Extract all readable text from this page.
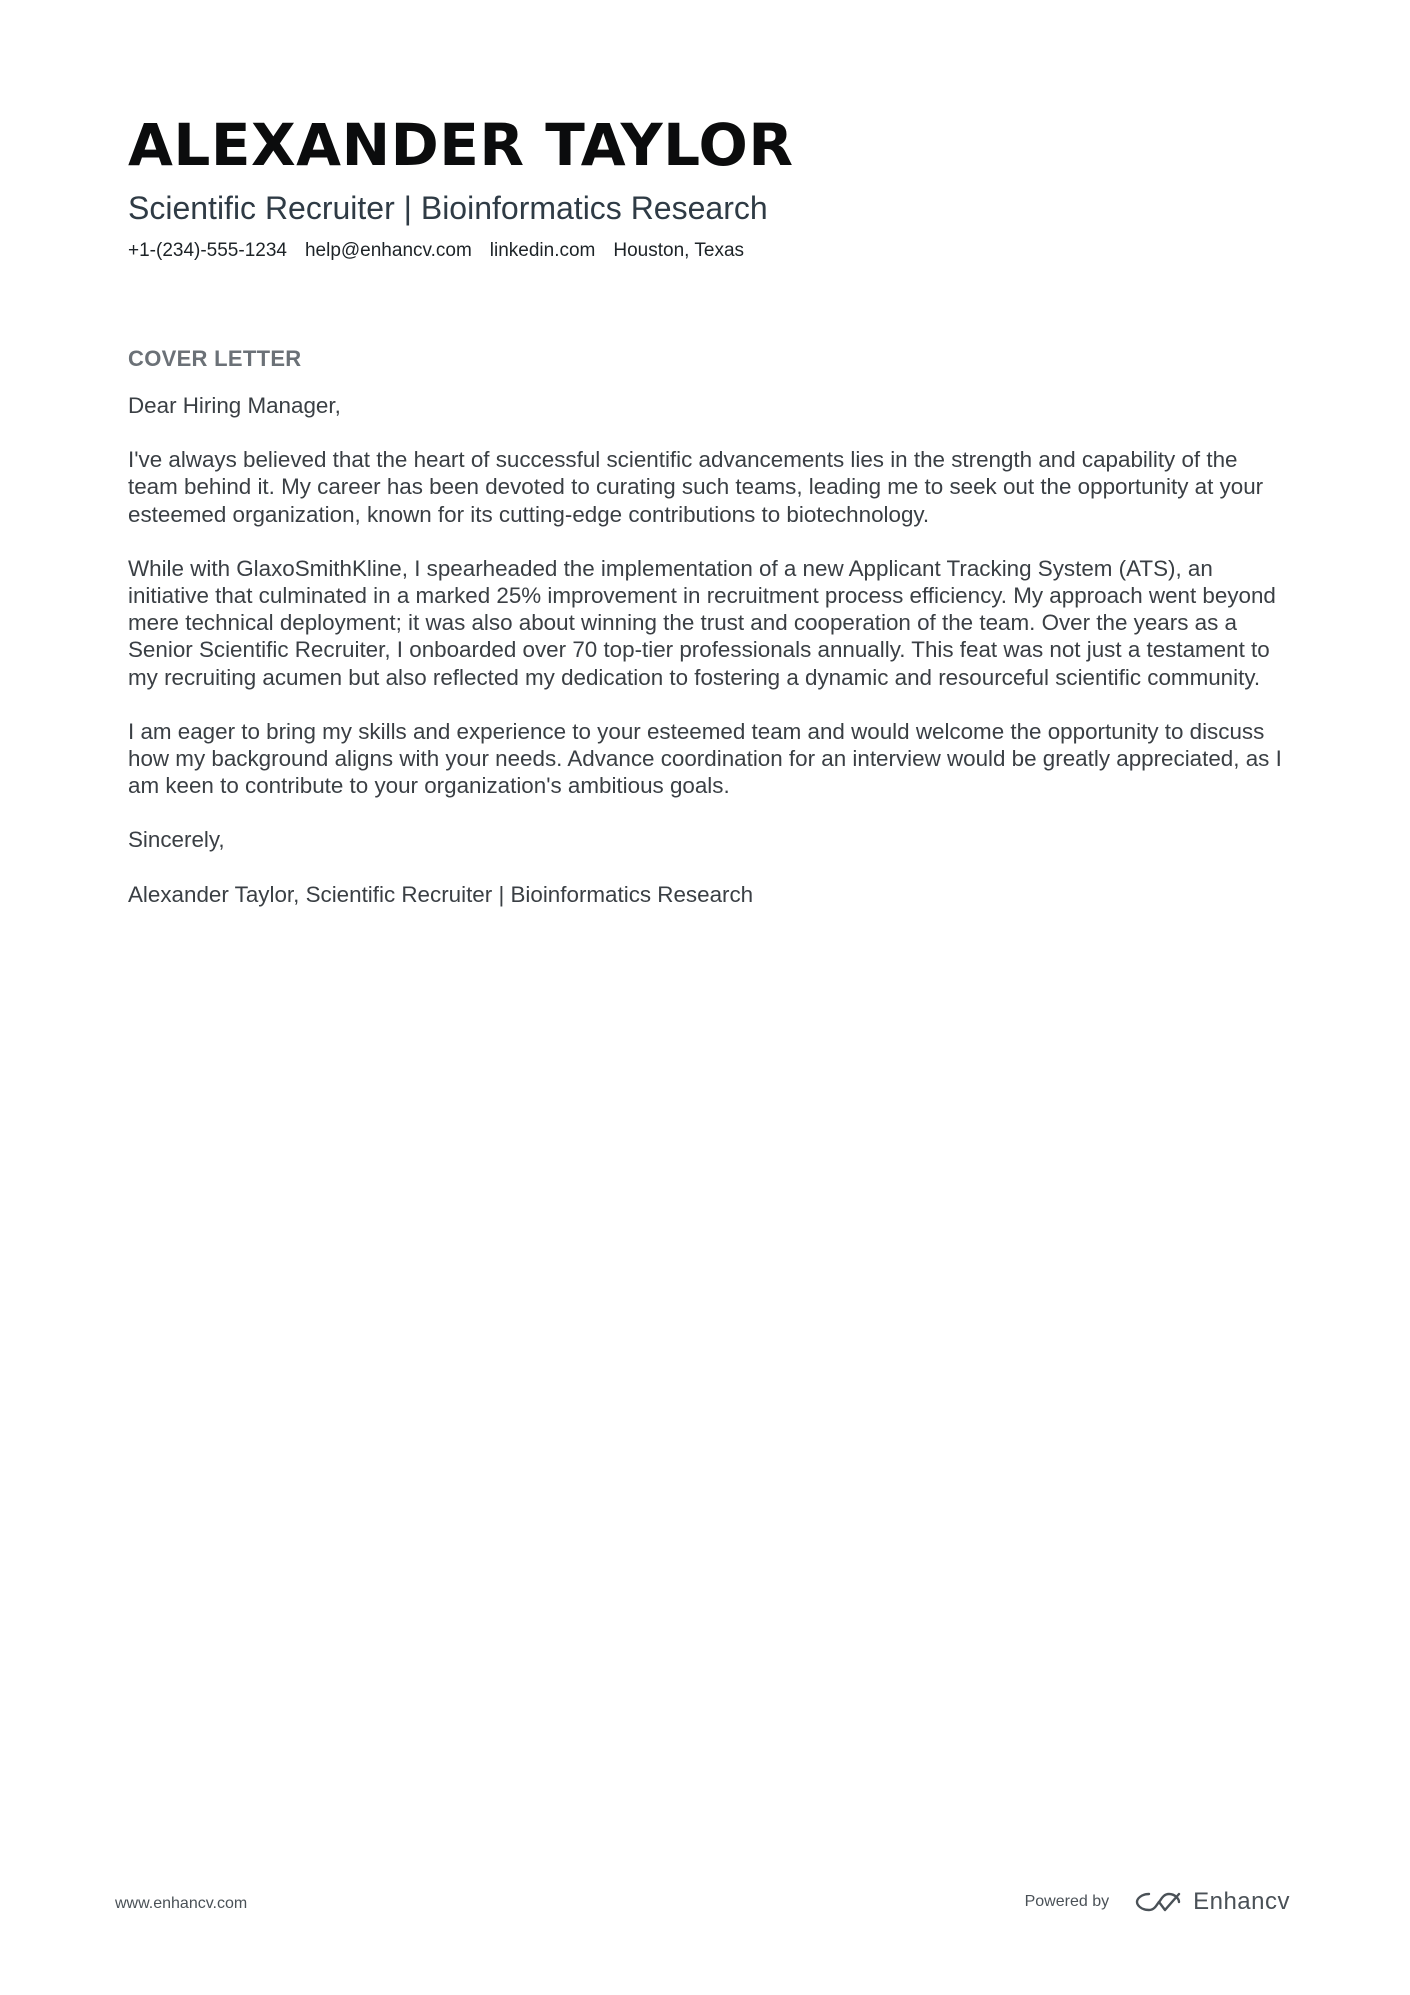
ALEXANDER TAYLOR
Scientific Recruiter | Bioinformatics Research
+1-(234)-555-1234 help@enhancv.com linkedin.com Houston, Texas
COVER LETTER

Dear Hiring Manager,

I've always believed that the heart of successful scientific advancements lies in the strength and capability of the team behind it. My career has been devoted to curating such teams, leading me to seek out the opportunity at your esteemed organization, known for its cutting-edge contributions to biotechnology.

While with GlaxoSmithKline, I spearheaded the implementation of a new Applicant Tracking System (ATS), an initiative that culminated in a marked 25% improvement in recruitment process efficiency. My approach went beyond mere technical deployment; it was also about winning the trust and cooperation of the team. Over the years as a Senior Scientific Recruiter, I onboarded over 70 top-tier professionals annually. This feat was not just a testament to my recruiting acumen but also reflected my dedication to fostering a dynamic and resourceful scientific community.

I am eager to bring my skills and experience to your esteemed team and would welcome the opportunity to discuss how my background aligns with your needs. Advance coordination for an interview would be greatly appreciated, as I am keen to contribute to your organization's ambitious goals.

Sincerely,

Alexander Taylor, Scientific Recruiter | Bioinformatics Research

www.enhancv.com	Powered by	Enhancv
